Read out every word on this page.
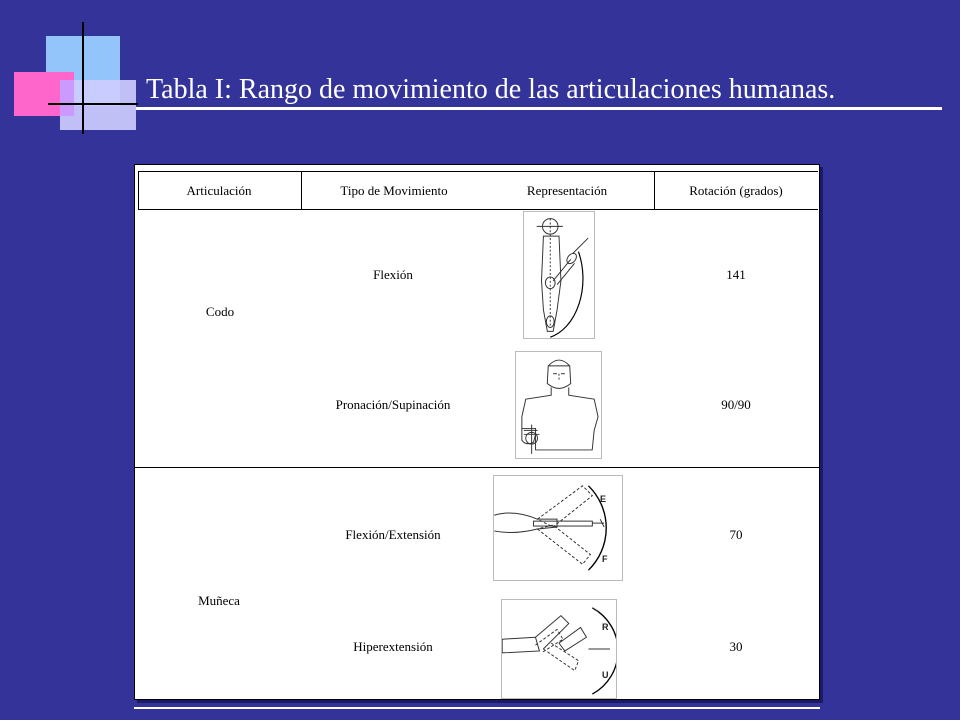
Tabla I: Rango de movimiento de las articulaciones humanas.
Articulación	Tipo de Movimiento	Representación	Rotación (grados)
Codo
Flexión	141
Pronación/Supinación	90/90
Muñeca
Flexión/Extensión	70
Hiperextensión	30
E
F
R
U
